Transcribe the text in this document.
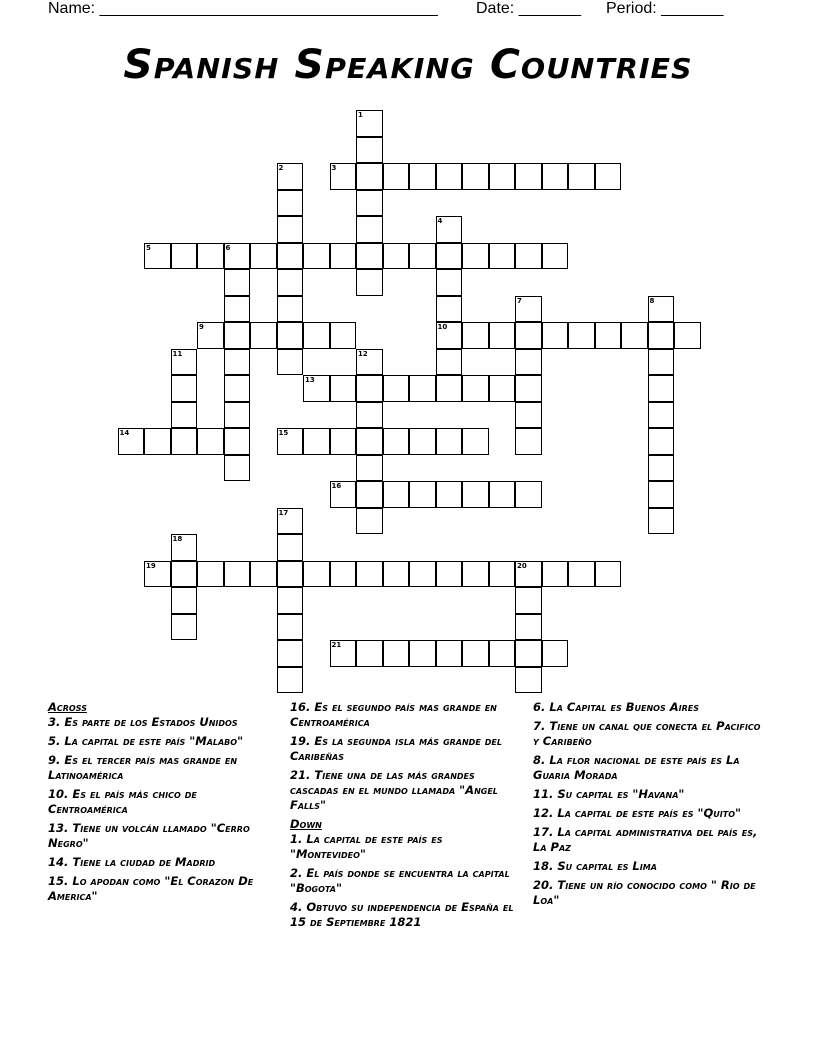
Name: ______________________________________

Date: _______

Period: _______

Spanish Speaking Countries
1
2	3
4
10
5	6
7	8
9
11	12
13
14	15
16
17
18
19	20
21
Across
3. Es parte de los Estados Unidos
5. La capital de este país "Malabo"
9. Es el tercer país mas grande en Latinoamérica
10. Es el país más chico de Centroamérica
13. Tiene un volcán llamado "Cerro Negro"
14. Tiene la ciudad de Madrid
15. Lo apodan como "El Corazon De America"
16. Es el segundo país mas grande en Centroamérica
19. Es la segunda isla más grande del Caribeñas
21. Tiene una de las más grandes cascadas en el mundo llamada "Angel Falls"
Down
1. La capital de este país es "Montevideo"
2. El país donde se encuentra la capital "Bogota"
4. Obtuvo su independencia de España el 15 de Septiembre 1821
6. La Capital es Buenos Aires
7. Tiene un canal que conecta el Pacifico y Caribeño
8. La flor nacional de este país es La Guaria Morada
11. Su capital es "Havana"
12. La capital de este país es "Quito"
17. La capital administrativa del país es, La Paz
18. Su capital es Lima
20. Tiene un río conocido como " Rio de Loa"
